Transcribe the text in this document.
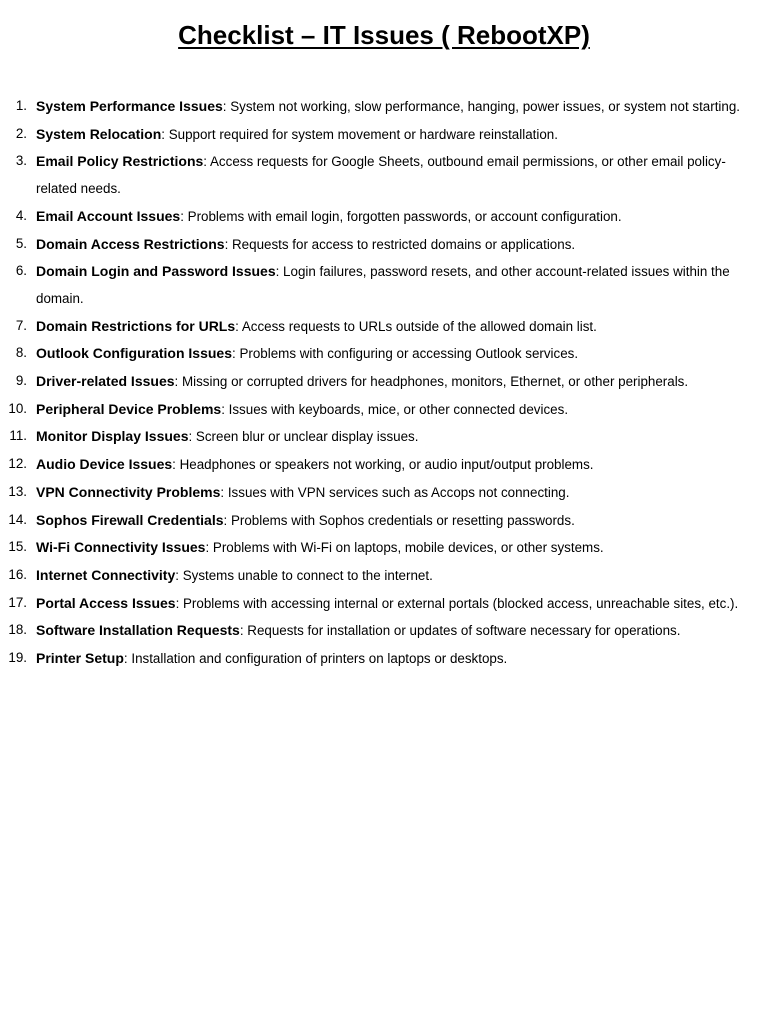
Checklist – IT Issues ( RebootXP)
1. System Performance Issues: System not working, slow performance, hanging, power issues, or system not starting.
2. System Relocation: Support required for system movement or hardware reinstallation.
3. Email Policy Restrictions: Access requests for Google Sheets, outbound email permissions, or other email policy-related needs.
4. Email Account Issues: Problems with email login, forgotten passwords, or account configuration.
5. Domain Access Restrictions: Requests for access to restricted domains or applications.
6. Domain Login and Password Issues: Login failures, password resets, and other account-related issues within the domain.
7. Domain Restrictions for URLs: Access requests to URLs outside of the allowed domain list.
8. Outlook Configuration Issues: Problems with configuring or accessing Outlook services.
9. Driver-related Issues: Missing or corrupted drivers for headphones, monitors, Ethernet, or other peripherals.
10. Peripheral Device Problems: Issues with keyboards, mice, or other connected devices.
11. Monitor Display Issues: Screen blur or unclear display issues.
12. Audio Device Issues: Headphones or speakers not working, or audio input/output problems.
13. VPN Connectivity Problems: Issues with VPN services such as Accops not connecting.
14. Sophos Firewall Credentials: Problems with Sophos credentials or resetting passwords.
15. Wi-Fi Connectivity Issues: Problems with Wi-Fi on laptops, mobile devices, or other systems.
16. Internet Connectivity: Systems unable to connect to the internet.
17. Portal Access Issues: Problems with accessing internal or external portals (blocked access, unreachable sites, etc.).
18. Software Installation Requests: Requests for installation or updates of software necessary for operations.
19. Printer Setup: Installation and configuration of printers on laptops or desktops.
